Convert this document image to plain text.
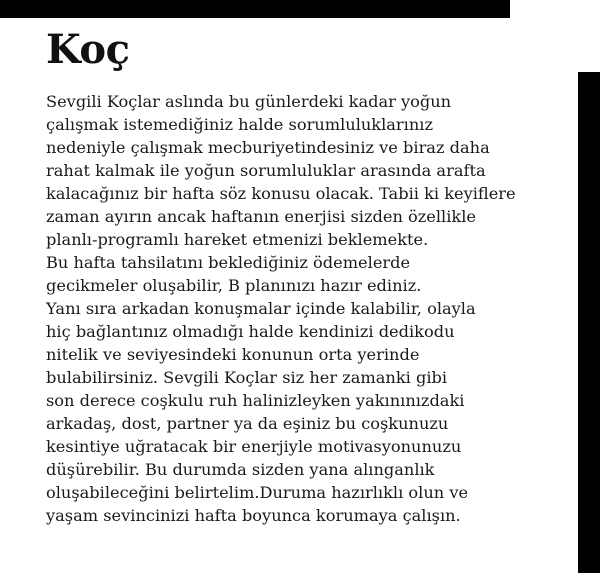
Koç
Sevgili Koçlar aslında bu günlerdeki kadar yoğun
çalışmak istemediğiniz halde sorumluluklarınız
nedeniyle çalışmak mecburiyetindesiniz ve biraz daha
rahat kalmak ile yoğun sorumluluklar arasında arafta
kalacağınız bir hafta söz konusu olacak. Tabii ki keyiflere
zaman ayırın ancak haftanın enerjisi sizden özellikle
planlı-programlı hareket etmenizi beklemekte.
Bu hafta tahsilatını beklediğiniz ödemelerde
gecikmeler oluşabilir, B planınızı hazır ediniz.
Yanı sıra arkadan konuşmalar içinde kalabilir, olayla
hiç bağlantınız olmadığı halde kendinizi dedikodu
nitelik ve seviyesindeki konunun orta yerinde
bulabilirsiniz. Sevgili Koçlar siz her zamanki gibi
son derece coşkulu ruh halinizleyken yakınınızdaki
arkadaş, dost, partner ya da eşiniz bu coşkunuzu
kesintiye uğratacak bir enerjiyle motivasyonunuzu
düşürebilir. Bu durumda sizden yana alınganlık
oluşabileceğini belirtelim.Duruma hazırlıklı olun ve
yaşam sevincinizi hafta boyunca korumaya çalışın.
